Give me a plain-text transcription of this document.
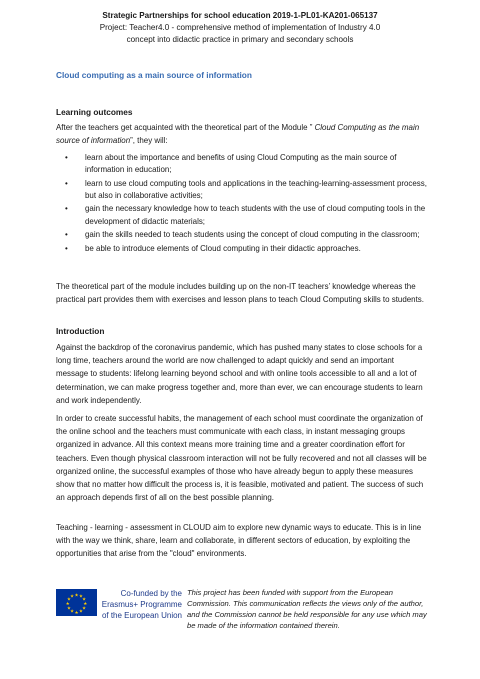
Strategic Partnerships for school education 2019-1-PL01-KA201-065137
Project: Teacher4.0 - comprehensive method of implementation of Industry 4.0
concept into didactic practice in primary and secondary schools
Cloud computing as a main source of information
Learning outcomes
After the teachers get acquainted with the theoretical part of the Module ” Cloud Computing as the main source of information”, they will:
• learn about the importance and benefits of using Cloud Computing as the main source of information in education;
• learn to use cloud computing tools and applications in the teaching-learning-assessment process, but also in collaborative activities;
• gain the necessary knowledge how to teach students with the use of cloud computing tools in the development of didactic materials;
• gain the skills needed to teach students using the concept of cloud computing in the classroom;
• be able to introduce elements of Cloud computing in their didactic approaches.
The theoretical part of the module includes building up on the non-IT teachers’ knowledge whereas the practical part provides them with exercises and lesson plans to teach Cloud Computing skills to students.
Introduction
Against the backdrop of the coronavirus pandemic, which has pushed many states to close schools for a long time, teachers around the world are now challenged to adapt quickly and send an important message to students: lifelong learning beyond school and with online tools accessible to all and a lot of determination, we can make progress together and, more than ever, we can encourage students to learn and work independently.
In order to create successful habits, the management of each school must coordinate the organization of the online school and the teachers must communicate with each class, in instant messaging groups organized in advance. All this context means more training time and a greater coordination effort for teachers. Even though physical classroom interaction will not be fully recovered and not all classes will be organized online, the successful examples of those who have already begun to apply these measures show that no matter how difficult the process is, it is feasible, motivated and patient. The success of such an approach depends first of all on the best possible planning.
Teaching - learning - assessment in CLOUD aim to explore new dynamic ways to educate. This is in line with the way we think, share, learn and collaborate, in different sectors of education, by exploiting the opportunities that arise from the "cloud" environments.
★ ★
★
★
★
★
★
★
★
★
★
★	Co-funded by the
Erasmus+ Programme
of the European Union
This project has been funded with support from the European Commission. This communication reflects the views only of the author, and the Commission cannot be held responsible for any use which may be made of the information contained therein.
